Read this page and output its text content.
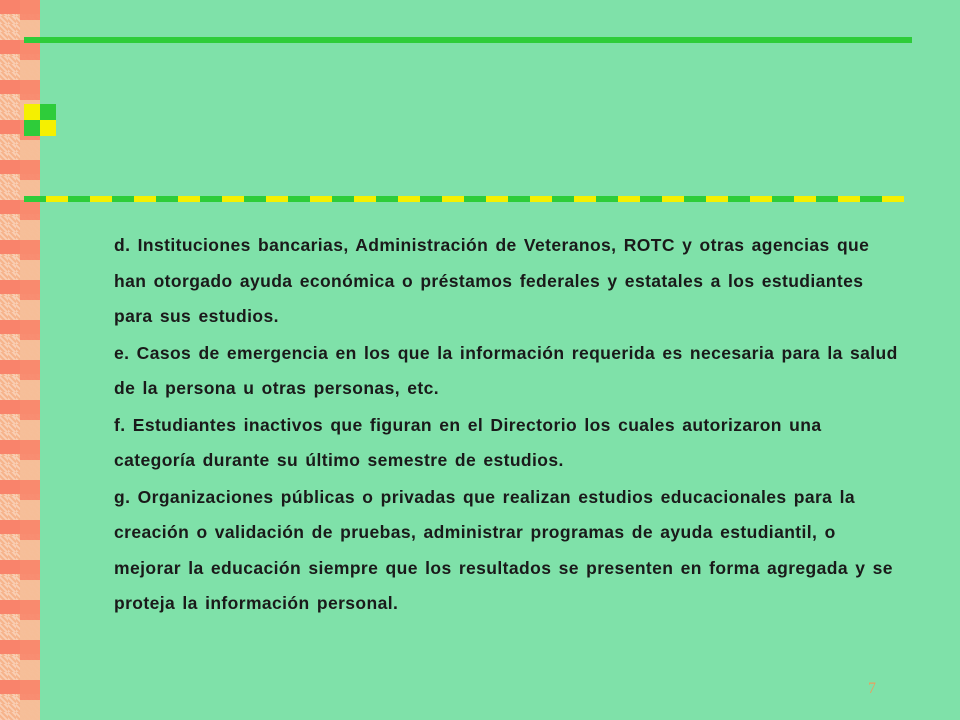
d. Instituciones bancarias, Administración de Veteranos, ROTC y otras agencias que han otorgado ayuda económica o préstamos federales y estatales a los estudiantes para sus estudios.

e. Casos de emergencia en los que la información requerida es necesaria para la salud de la persona u otras personas, etc.

f. Estudiantes inactivos que figuran en el Directorio los cuales autorizaron una categoría durante su último semestre de estudios.

g. Organizaciones públicas o privadas que realizan estudios educacionales para la creación o validación de pruebas, administrar programas de ayuda estudiantil, o mejorar la educación siempre que los resultados se presenten en forma agregada y se proteja la información personal.

7
